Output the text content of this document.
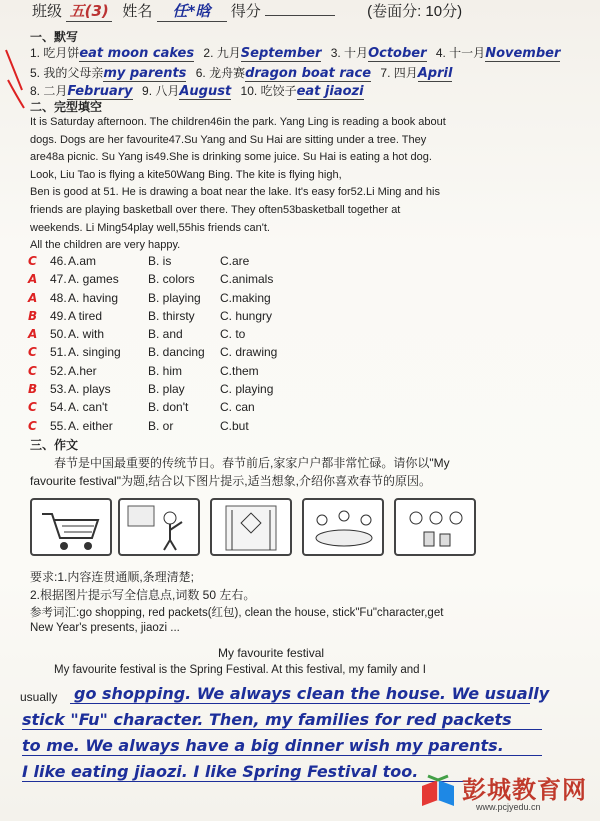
班级 五(3) 姓名 任*晗 得分	(卷面分: 10分)
一、默写
1. 吃月饼eat moon cakes 2. 九月September 3. 十月October 4. 十一月November
5. 我的父母亲my parents 6. 龙舟赛dragon boat race 7. 四月April
8. 二月February 9. 八月August 10. 吃饺子eat jiaozi
二、完型填空
It is Saturday afternoon. The children46in the park. Yang Ling is reading a book about
dogs. Dogs are her favourite47.Su Yang and Su Hai are sitting under a tree. They
are48a picnic. Su Yang is49.She is drinking some juice. Su Hai is eating a hot dog.
Look, Liu Tao is flying a kite50Wang Bing. The kite is flying high,
Ben is good at 51. He is drawing a boat near the lake. It's easy for52.Li Ming and his
friends are playing basketball over there. They often53basketball together at
weekends. Li Ming54play well,55his friends can't.
All the children are very happy.
C	46. A.am	B. is	C.are
A	47. A. games	B. colors	C.animals
A	48. A. having	B. playing	C.making
B	49. A tired	B. thirsty	C. hungry
A	50. A. with	B. and	C. to
C	51. A. singing	B. dancing	C. drawing
C	52. A.her	B. him	C.them
B	53. A. plays	B. play	C. playing
C	54. A. can't	B. don't	C. can
C	55. A. either	B. or	C.but
三、作文
春节是中国最重要的传统节日。春节前后,家家户户都非常忙碌。请你以"My
favourite festival"为题,结合以下图片提示,适当想象,介绍你喜欢春节的原因。
要求:1.内容连贯通顺,条理清楚;
2.根据图片提示写全信息点,词数 50 左右。
参考词汇:go shopping, red packets(红包), clean the house, stick"Fu"character,get
New Year's presents, jiaozi ...
My favourite festival
My favourite festival is the Spring Festival. At this festival, my family and I
usually go shopping. We always clean the house. We usually
stick "Fu" character. Then, my families for red packets
to me. We always have a big dinner wish my parents.
I like eating jiaozi. I like Spring Festival too.
彭城教育网
www.pcjyedu.cn
